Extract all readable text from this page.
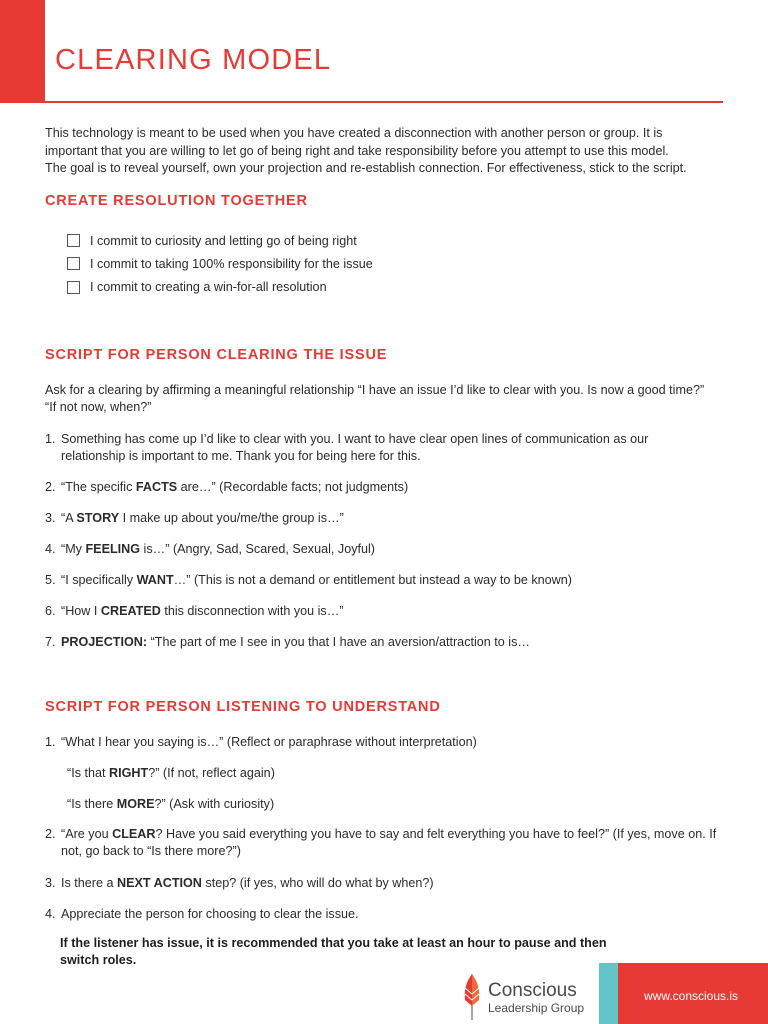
CLEARING MODEL

This technology is meant to be used when you have created a disconnection with another person or group. It is

important that you are willing to let go of being right and take responsibility before you attempt to use this model.

The goal is to reveal yourself, own your projection and re-establish connection. For effectiveness, stick to the script.

CREATE RESOLUTION TOGETHER
I commit to curiosity and letting go of being right
I commit to taking 100% responsibility for the issue
I commit to creating a win-for-all resolution
SCRIPT FOR PERSON CLEARING THE ISSUE
Ask for a clearing by affirming a meaningful relationship “I have an issue I’d like to clear with you. Is now a good time?”
“If not now, when?”
1. Something has come up I’d like to clear with you. I want to have clear open lines of communication as our
relationship is important to me. Thank you for being here for this.
2. “The specific FACTS are…” (Recordable facts; not judgments)
3. “A STORY I make up about you/me/the group is…”
4. “My FEELING is…” (Angry, Sad, Scared, Sexual, Joyful)
5. “I specifically WANT…” (This is not a demand or entitlement but instead a way to be known)
6. “How I CREATED this disconnection with you is…”
7. PROJECTION: “The part of me I see in you that I have an aversion/attraction to is…
SCRIPT FOR PERSON LISTENING TO UNDERSTAND
1. “What I hear you saying is…” (Reflect or paraphrase without interpretation)
2. “Are you CLEAR? Have you said everything you have to say and felt everything you have to feel?” (If yes, move on. If
not, go back to “Is there more?”)
3. Is there a NEXT ACTION step? (if yes, who will do what by when?)
4. Appreciate the person for choosing to clear the issue.
“Is that RIGHT?” (If not, reflect again)
“Is there MORE?” (Ask with curiosity)
If the listener has issue, it is recommended that you take at least an hour to pause and then
switch roles.
Conscious
Leadership Group
www.conscious.is
